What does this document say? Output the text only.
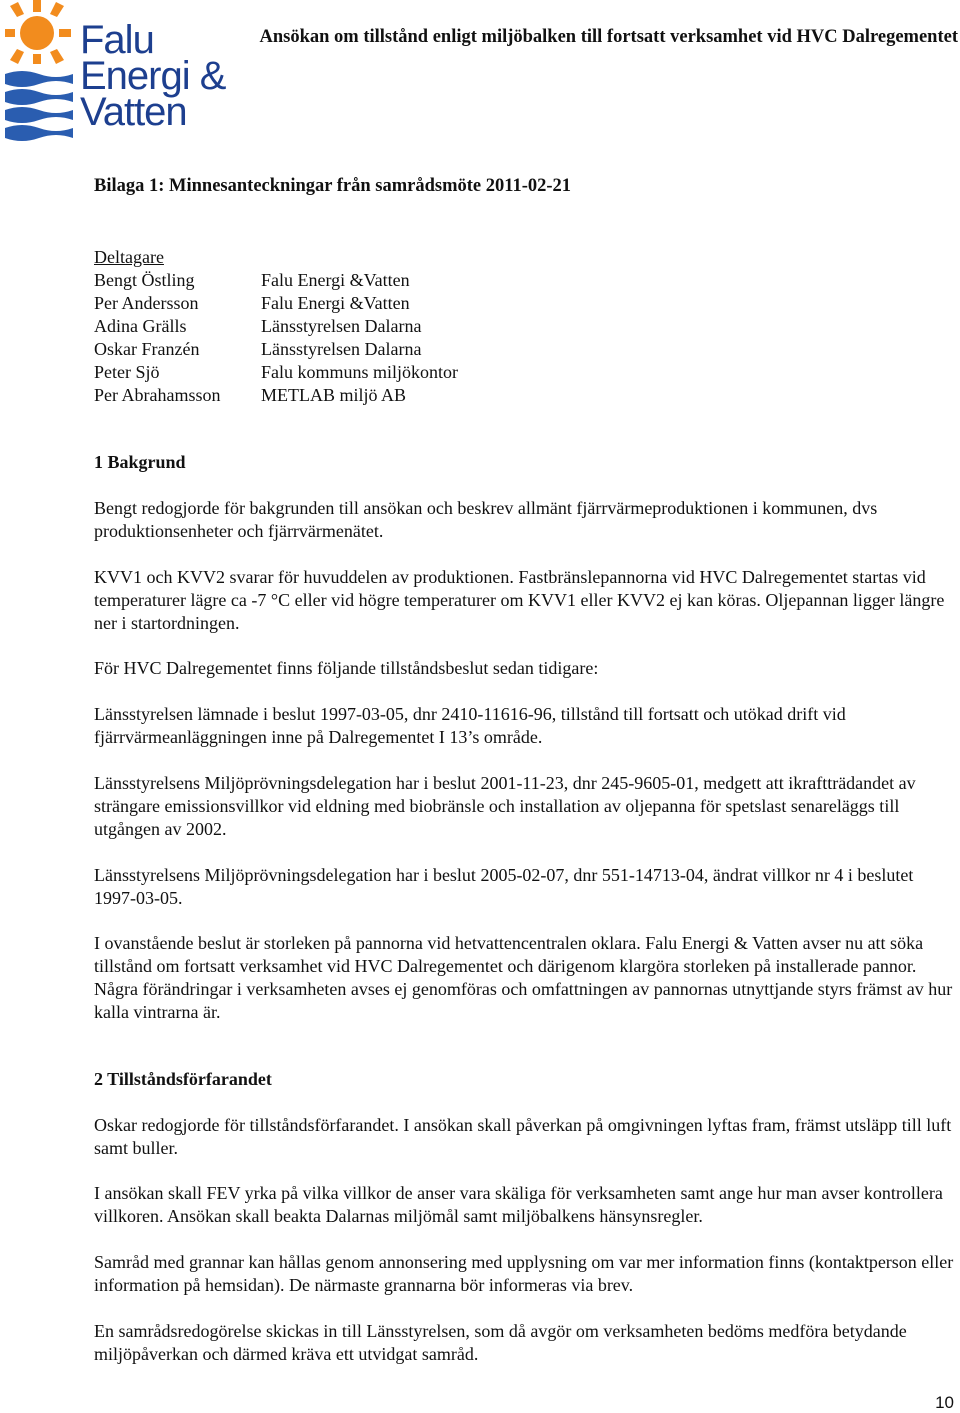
Falu Energi & Vatten
Ansökan om tillstånd enligt miljöbalken till fortsatt verksamhet vid HVC Dalregementet
Bilaga 1: Minnesanteckningar från samrådsmöte 2011-02-21
Deltagare
Bengt Östling	Falu Energi &Vatten
Per Andersson	Falu Energi &Vatten
Adina Grälls	Länsstyrelsen Dalarna
Oskar Franzén	Länsstyrelsen Dalarna
Peter Sjö	Falu kommuns miljökontor
Per Abrahamsson	METLAB miljö AB
1 Bakgrund

Bengt redogjorde för bakgrunden till ansökan och beskrev allmänt fjärrvärmeproduktionen i kommunen, dvs produktionsenheter och fjärrvärmenätet.

KVV1 och KVV2 svarar för huvuddelen av produktionen. Fastbränslepannorna vid HVC Dalregementet startas vid temperaturer lägre ca -7 °C eller vid högre temperaturer om KVV1 eller KVV2 ej kan köras. Oljepannan ligger längre ner i startordningen.

För HVC Dalregementet finns följande tillståndsbeslut sedan tidigare:

Länsstyrelsen lämnade i beslut 1997-03-05, dnr 2410-11616-96, tillstånd till fortsatt och utökad drift vid fjärrvärmeanläggningen inne på Dalregementet I 13’s område.

Länsstyrelsens Miljöprövningsdelegation har i beslut 2001-11-23, dnr 245-9605-01, medgett att ikraftträdandet av strängare emissionsvillkor vid eldning med biobränsle och installation av oljepanna för spetslast senareläggs till utgången av 2002.

Länsstyrelsens Miljöprövningsdelegation har i beslut 2005-02-07, dnr 551-14713-04, ändrat villkor nr 4 i beslutet 1997-03-05.

I ovanstående beslut är storleken på pannorna vid hetvattencentralen oklara. Falu Energi & Vatten avser nu att söka tillstånd om fortsatt verksamhet vid HVC Dalregementet och därigenom klargöra storleken på installerade pannor. Några förändringar i verksamheten avses ej genomföras och omfattningen av pannornas utnyttjande styrs främst av hur kalla vintrarna är.

2 Tillståndsförfarandet

Oskar redogjorde för tillståndsförfarandet. I ansökan skall påverkan på omgivningen lyftas fram, främst utsläpp till luft samt buller.

I ansökan skall FEV yrka på vilka villkor de anser vara skäliga för verksamheten samt ange hur man avser kontrollera villkoren. Ansökan skall beakta Dalarnas miljömål samt miljöbalkens hänsynsregler.

Samråd med grannar kan hållas genom annonsering med upplysning om var mer information finns (kontaktperson eller information på hemsidan). De närmaste grannarna bör informeras via brev.

En samrådsredogörelse skickas in till Länsstyrelsen, som då avgör om verksamheten bedöms medföra betydande miljöpåverkan och därmed kräva ett utvidgat samråd.

10
